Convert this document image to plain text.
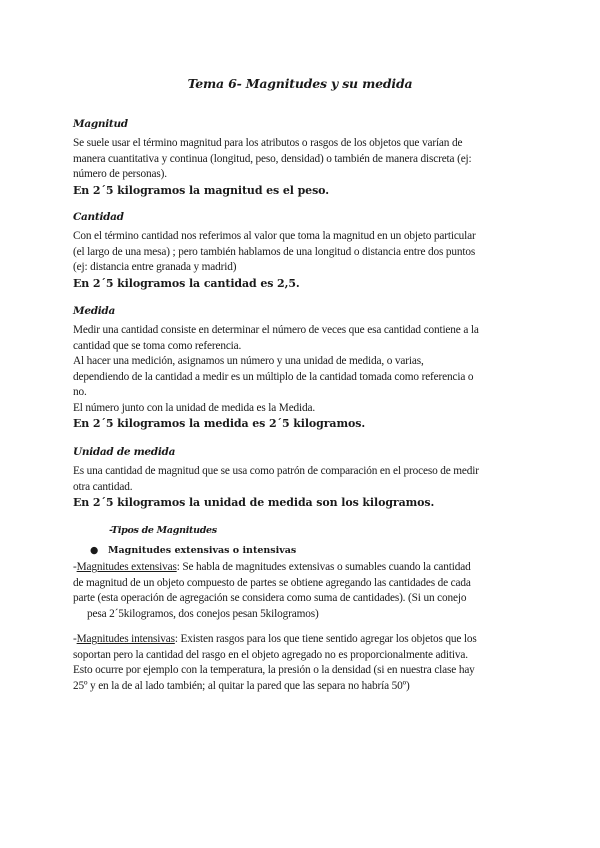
Tema 6- Magnitudes y su medida
Magnitud

Se suele usar el término magnitud para los atributos o rasgos de los objetos que varían de

manera cuantitativa y continua (longitud, peso, densidad) o también de manera discreta (ej:

número de personas).

En 2´5 kilogramos la magnitud es el peso.

Cantidad

Con el término cantidad nos referimos al valor que toma la magnitud en un objeto particular

(el largo de una mesa) ; pero también hablamos de una longitud o distancia entre dos puntos

(ej: distancia entre granada y madrid)

En 2´5 kilogramos la cantidad es 2,5.

Medida

Medir una cantidad consiste en determinar el número de veces que esa cantidad contiene a la

cantidad que se toma como referencia.

Al hacer una medición, asignamos un número y una unidad de medida, o varias,

dependiendo de la cantidad a medir es un múltiplo de la cantidad tomada como referencia o

no.

El número junto con la unidad de medida es la Medida.

En 2´5 kilogramos la medida es 2´5 kilogramos.

Unidad de medida

Es una cantidad de magnitud que se usa como patrón de comparación en el proceso de medir

otra cantidad.

En 2´5 kilogramos la unidad de medida son los kilogramos.

-Tipos de Magnitudes
● Magnitudes extensivas o intensivas
-Magnitudes extensivas: Se habla de magnitudes extensivas o sumables cuando la cantidad
de magnitud de un objeto compuesto de partes se obtiene agregando las cantidades de cada
parte (esta operación de agregación se considera como suma de cantidades). (Si un conejo
pesa 2´5kilogramos, dos conejos pesan 5kilogramos)
-Magnitudes intensivas: Existen rasgos para los que tiene sentido agregar los objetos que los
soportan pero la cantidad del rasgo en el objeto agregado no es proporcionalmente aditiva.
Esto ocurre por ejemplo con la temperatura, la presión o la densidad (si en nuestra clase hay
25º y en la de al lado también; al quitar la pared que las separa no habría 50º)
